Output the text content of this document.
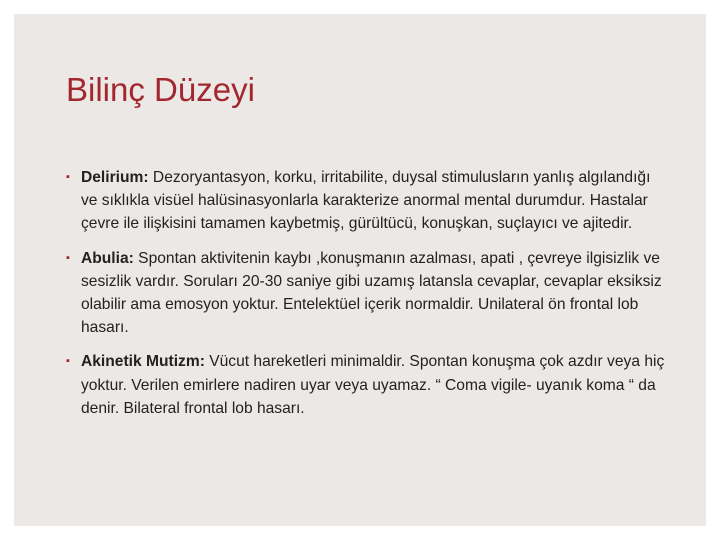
Bilinç Düzeyi
▪ Delirium: Dezoryantasyon, korku, irritabilite, duysal stimulusların yanlış algılandığı ve sıklıkla visüel halüsinasyonlarla karakterize anormal mental durumdur. Hastalar çevre ile ilişkisini tamamen kaybetmiş, gürültücü, konuşkan, suçlayıcı ve ajitedir.
▪ Abulia: Spontan aktivitenin kaybı ,konuşmanın azalması, apati , çevreye ilgisizlik ve sesizlik vardır. Soruları 20-30 saniye gibi uzamış latansla cevaplar, cevaplar eksiksiz olabilir ama emosyon yoktur. Entelektüel içerik normaldir. Unilateral ön frontal lob hasarı.
▪ Akinetik Mutizm: Vücut hareketleri minimaldir. Spontan konuşma çok azdır veya hiç yoktur. Verilen emirlere nadiren uyar veya uyamaz. “ Coma vigile- uyanık koma “ da denir. Bilateral frontal lob hasarı.
